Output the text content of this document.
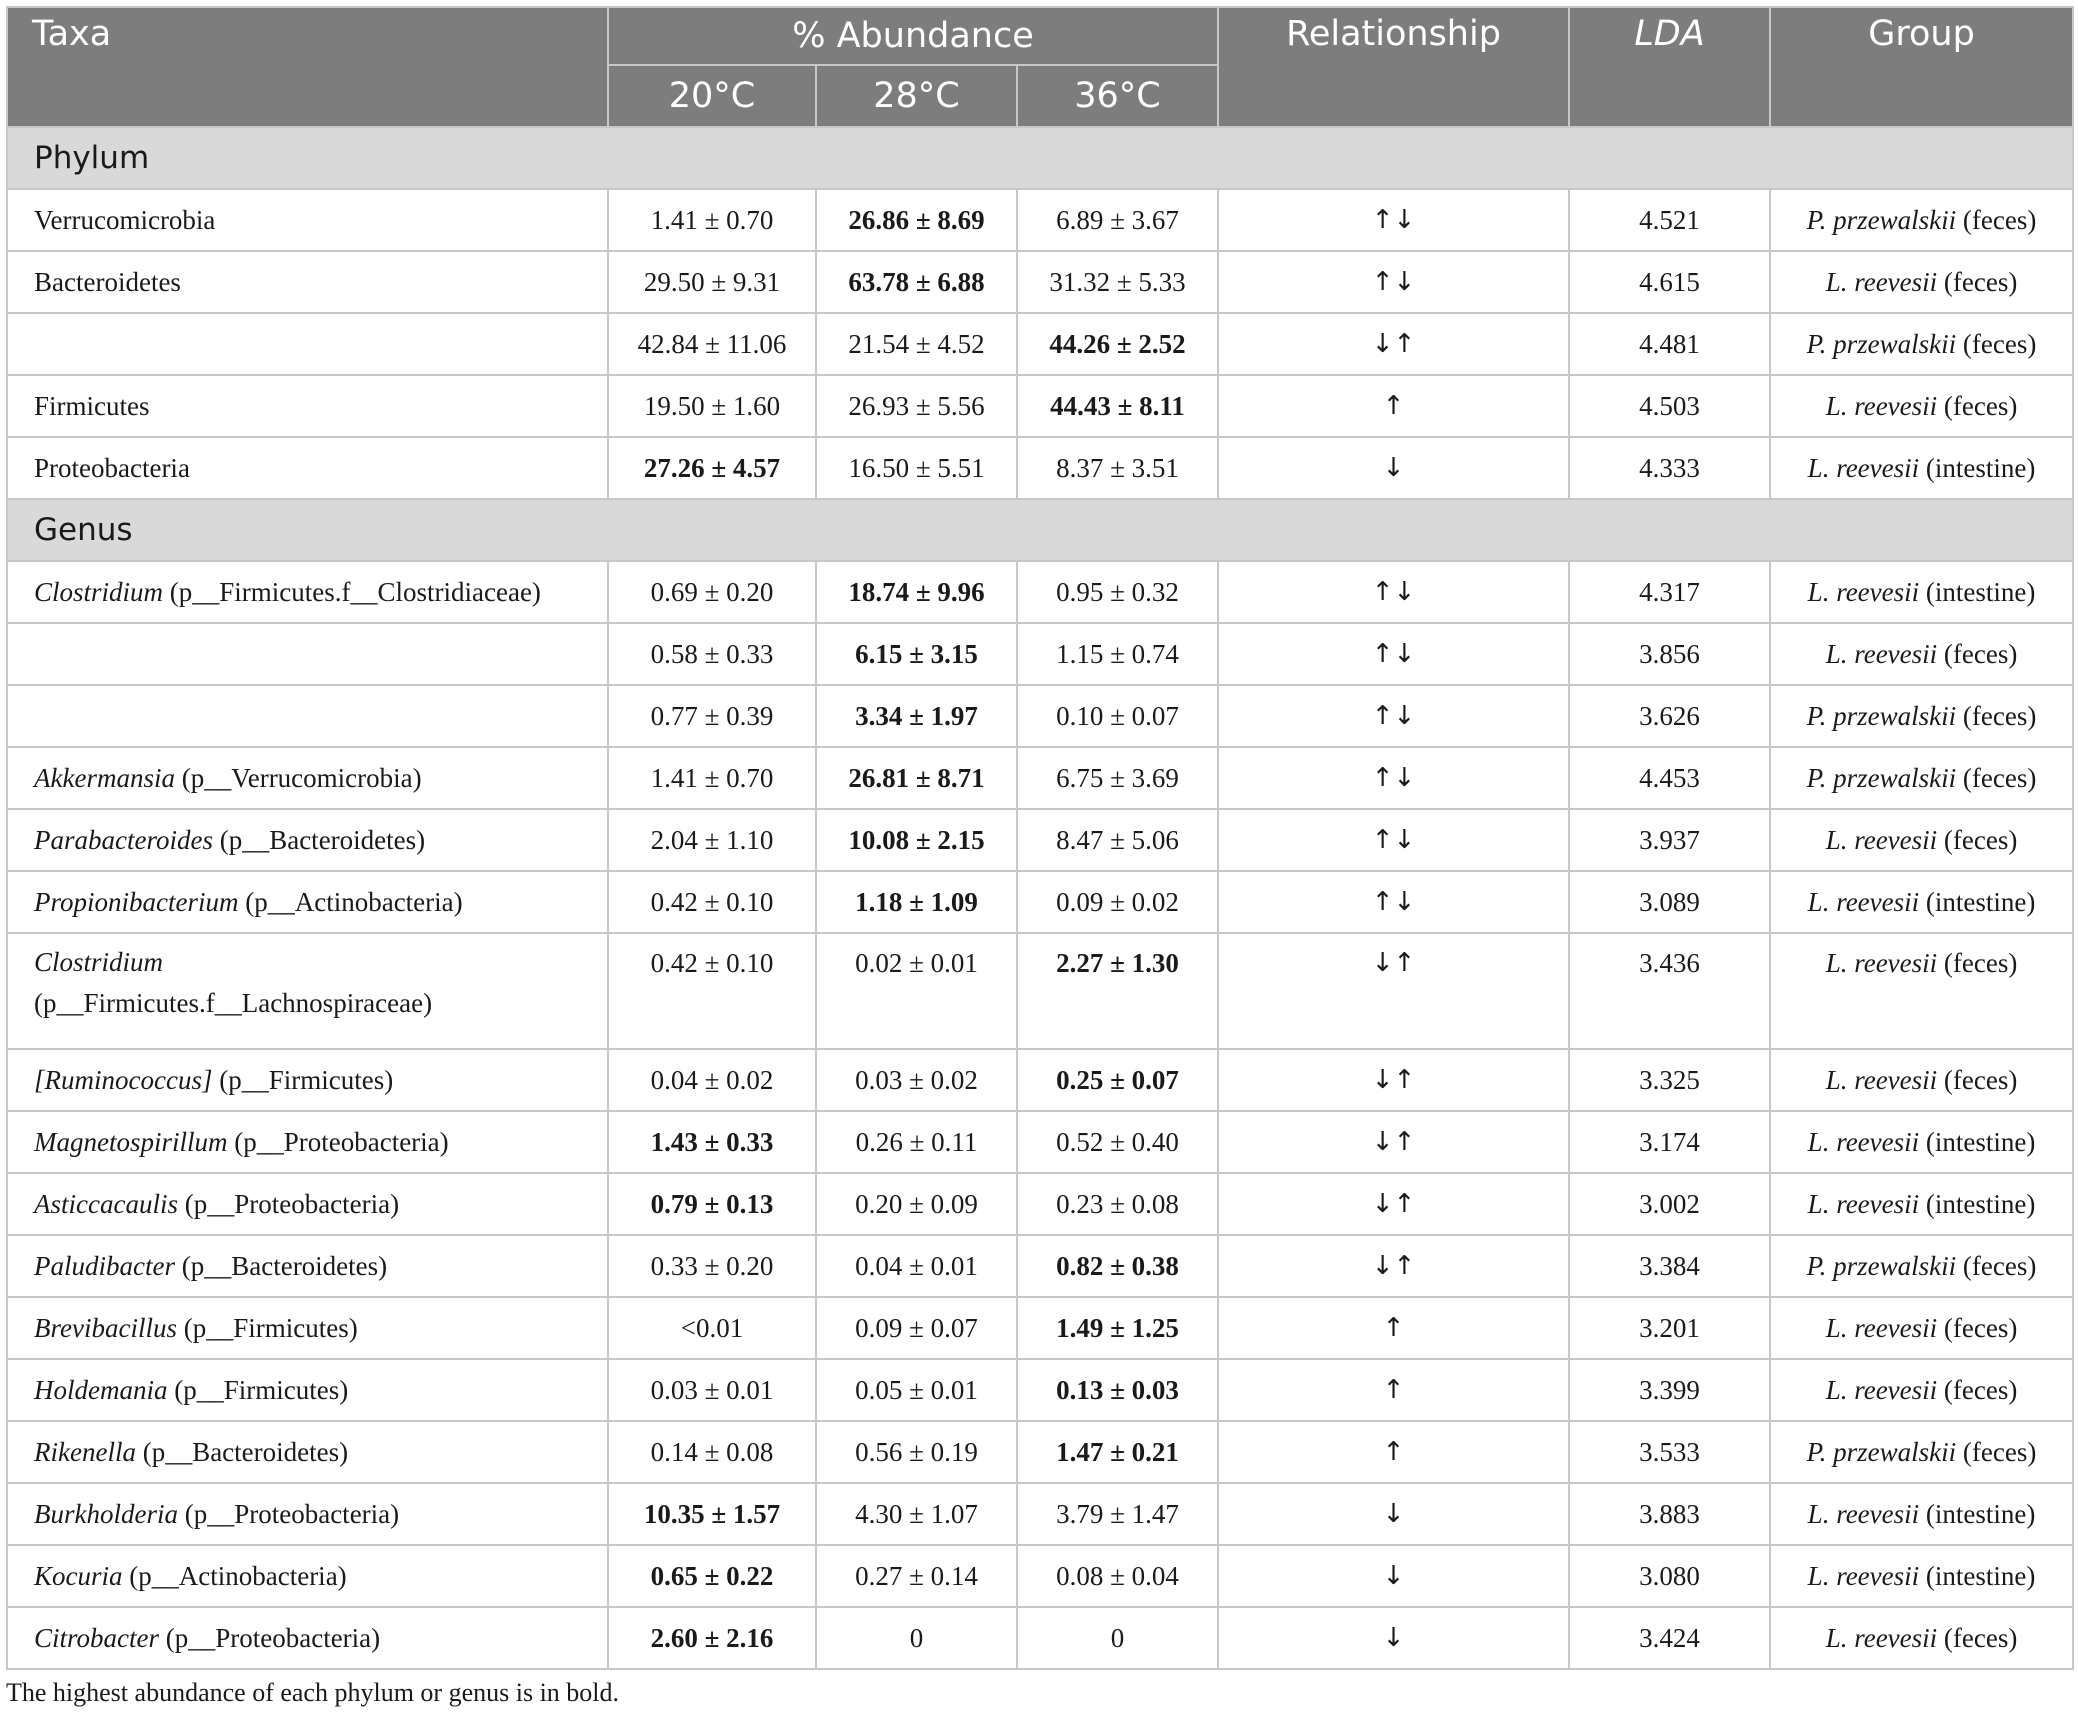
Taxa	% Abundance			Relationship	LDA	Group
	20°C	28°C	36°C			
Phylum						
Verrucomicrobia	1.41 ± 0.70	26.86 ± 8.69	6.89 ± 3.67	↑↓	4.521	P. przewalskii (feces)
Bacteroidetes	29.50 ± 9.31	63.78 ± 6.88	31.32 ± 5.33	↑↓	4.615	L. reevesii (feces)
	42.84 ± 11.06	21.54 ± 4.52	44.26 ± 2.52	↓↑	4.481	P. przewalskii (feces)
Firmicutes	19.50 ± 1.60	26.93 ± 5.56	44.43 ± 8.11	↑	4.503	L. reevesii (feces)
Proteobacteria	27.26 ± 4.57	16.50 ± 5.51	8.37 ± 3.51	↓	4.333	L. reevesii (intestine)
Genus						
Clostridium (p__Firmicutes.f__Clostridiaceae)	0.69 ± 0.20	18.74 ± 9.96	0.95 ± 0.32	↑↓	4.317	L. reevesii (intestine)
	0.58 ± 0.33	6.15 ± 3.15	1.15 ± 0.74	↑↓	3.856	L. reevesii (feces)
	0.77 ± 0.39	3.34 ± 1.97	0.10 ± 0.07	↑↓	3.626	P. przewalskii (feces)
Akkermansia (p__Verrucomicrobia)	1.41 ± 0.70	26.81 ± 8.71	6.75 ± 3.69	↑↓	4.453	P. przewalskii (feces)
Parabacteroides (p__Bacteroidetes)	2.04 ± 1.10	10.08 ± 2.15	8.47 ± 5.06	↑↓	3.937	L. reevesii (feces)
Propionibacterium (p__Actinobacteria)	0.42 ± 0.10	1.18 ± 1.09	0.09 ± 0.02	↑↓	3.089	L. reevesii (intestine)
Clostridium
(p__Firmicutes.f__Lachnospiraceae)	0.42 ± 0.10	0.02 ± 0.01	2.27 ± 1.30	↓↑	3.436	L. reevesii (feces)
[Ruminococcus] (p__Firmicutes)	0.04 ± 0.02	0.03 ± 0.02	0.25 ± 0.07	↓↑	3.325	L. reevesii (feces)
Magnetospirillum (p__Proteobacteria)	1.43 ± 0.33	0.26 ± 0.11	0.52 ± 0.40	↓↑	3.174	L. reevesii (intestine)
Asticcacaulis (p__Proteobacteria)	0.79 ± 0.13	0.20 ± 0.09	0.23 ± 0.08	↓↑	3.002	L. reevesii (intestine)
Paludibacter (p__Bacteroidetes)	0.33 ± 0.20	0.04 ± 0.01	0.82 ± 0.38	↓↑	3.384	P. przewalskii (feces)
Brevibacillus (p__Firmicutes)	<0.01	0.09 ± 0.07	1.49 ± 1.25	↑	3.201	L. reevesii (feces)
Holdemania (p__Firmicutes)	0.03 ± 0.01	0.05 ± 0.01	0.13 ± 0.03	↑	3.399	L. reevesii (feces)
Rikenella (p__Bacteroidetes)	0.14 ± 0.08	0.56 ± 0.19	1.47 ± 0.21	↑	3.533	P. przewalskii (feces)
Burkholderia (p__Proteobacteria)	10.35 ± 1.57	4.30 ± 1.07	3.79 ± 1.47	↓	3.883	L. reevesii (intestine)
Kocuria (p__Actinobacteria)	0.65 ± 0.22	0.27 ± 0.14	0.08 ± 0.04	↓	3.080	L. reevesii (intestine)
Citrobacter (p__Proteobacteria)	2.60 ± 2.16	0	0	↓	3.424	L. reevesii (feces)
The highest abundance of each phylum or genus is in bold.
